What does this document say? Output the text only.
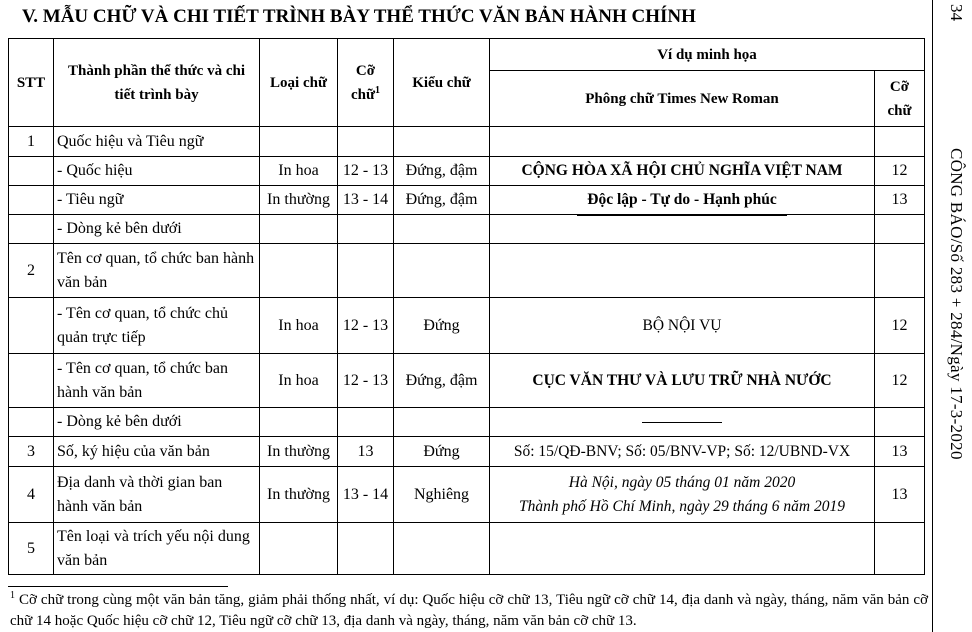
V. MẪU CHỮ VÀ CHI TIẾT TRÌNH BÀY THỂ THỨC VĂN BẢN HÀNH CHÍNH	34
CÔNG BÁO/Số 283 + 284/Ngày 17-3-2020
STT	Thành phần thể thức và chi tiết trình bày	Loại chữ	Cỡ chữ$^1$	Kiểu chữ	Ví dụ minh họa	
					Phông chữ Times New Roman	Cỡ chữ
1	Quốc hiệu và Tiêu ngữ					
	- Quốc hiệu	In hoa	12 - 13	Đứng, đậm	CỘNG HÒA XÃ HỘI CHỦ NGHĨA VIỆT NAM	12
	- Tiêu ngữ	In thường	13 - 14	Đứng, đậm	Độc lập - Tự do - Hạnh phúc	13
	- Dòng kẻ bên dưới				

2	Tên cơ quan, tổ chức ban hành văn bản					
	- Tên cơ quan, tổ chức chủ quản trực tiếp	In hoa	12 - 13	Đứng	BỘ NỘI VỤ	12
	- Tên cơ quan, tổ chức ban hành văn bản	In hoa	12 - 13	Đứng, đậm	CỤC VĂN THƯ VÀ LƯU TRỮ NHÀ NƯỚC	12
	- Dòng kẻ bên dưới				

3	Số, ký hiệu của văn bản	In thường	13	Đứng	Số: 15/QĐ-BNV; Số: 05/BNV-VP; Số: 12/UBND-VX	13
4	Địa danh và thời gian ban hành văn bản	In thường	13 - 14	Nghiêng	Hà Nội, ngày 05 tháng 01 năm 2020
Thành phố Hồ Chí Minh, ngày 29 tháng 6 năm 2019	13
5	Tên loại và trích yếu nội dung văn bản					
$^1$ Cỡ chữ trong cùng một văn bản tăng, giảm phải thống nhất, ví dụ: Quốc hiệu cỡ chữ 13, Tiêu ngữ cỡ chữ 14, địa danh và ngày, tháng, năm văn bản cỡ chữ 14 hoặc Quốc hiệu cỡ chữ 12, Tiêu ngữ cỡ chữ 13, địa danh và ngày, tháng, năm văn bản cỡ chữ 13.
